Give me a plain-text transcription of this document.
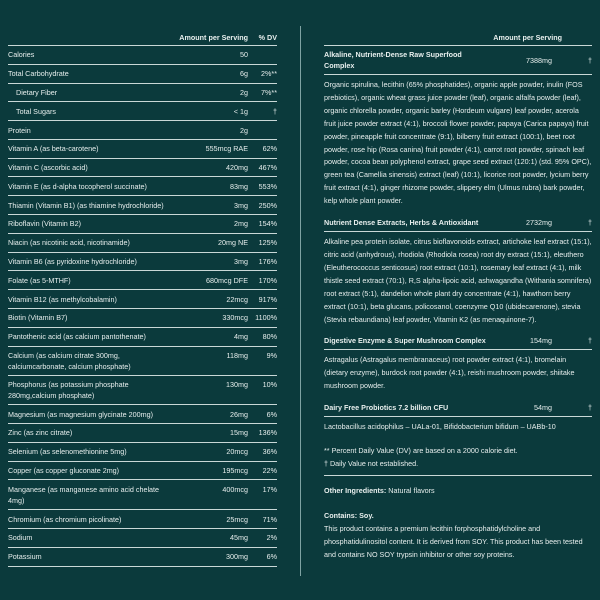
Amount per Serving	% DV
Calories	50
Total Carbohydrate	6g	2%**
Dietary Fiber	2g	7%**
Total Sugars	< 1g	†
Protein	2g
Vitamin A (as beta-carotene)	555mcg RAE	62%
Vitamin C (ascorbic acid)	420mg	467%
Vitamin E (as d-alpha tocopherol succinate)	83mg	553%
Thiamin (Vitamin B1) (as thiamine hydrochloride)	3mg	250%
Riboflavin (Vitamin B2)	2mg	154%
Niacin (as nicotinic acid, nicotinamide)	20mg NE	125%
Vitamin B6 (as pyridoxine hydrochloride)	3mg	176%
Folate (as 5-MTHF)	680mcg DFE	170%
Vitamin B12 (as methylcobalamin)	22mcg	917%
Biotin (Vitamin B7)	330mcg 1100%
Pantothenic acid (as calcium pantothenate)	4mg	80%
Calcium (as calcium citrate 300mg, calciumcarbonate, calcium phosphate)
118mg	9%
Phosphorus (as potassium phosphate 280mg,calcium phosphate)
130mg	10%
Magnesium (as magnesium glycinate 200mg)	26mg	6%
Zinc (as zinc citrate)	15mg	136%
Selenium (as selenomethionine 5mg)	20mcg	36%
Copper (as copper gluconate 2mg)	195mcg	22%
Manganese (as manganese amino acid chelate 4mg)
400mcg	17%
Chromium (as chromium picolinate)	25mcg	71%
Sodium	45mg	2%
Potassium	300mg	6%
Amount per Serving
Alkaline, Nutrient-Dense Raw Superfood Complex
7388mg	†
Organic spirulina, lecithin (65% phosphatides), organic apple powder, inulin (FOS prebiotics), organic wheat grass juice powder (leaf), organic alfalfa powder (leaf), organic chlorella powder, organic barley (Hordeum vulgare) leaf powder, acerola fruit juice powder extract (4:1), broccoli flower powder, papaya (Carica papaya) fruit powder, pineapple fruit concentrate (9:1), bilberry fruit extract (100:1), beet root powder, rose hip (Rosa canina) fruit powder (4:1), carrot root powder, spinach leaf powder, cocoa bean polyphenol extract, grape seed extract (120:1) (std. 95% OPC), green tea (Camellia sinensis) extract (leaf) (10:1), licorice root powder, lycium berry fruit extract (4:1), ginger rhizome powder, slippery elm (Ulmus rubra) bark powder, kelp whole plant powder.
Nutrient Dense Extracts, Herbs & Antioxidant	2732mg	†
Alkaline pea protein isolate, citrus bioflavonoids extract, artichoke leaf extract (15:1), citric acid (anhydrous), rhodiola (Rhodiola rosea) root dry extract (15:1), eleuthero (Eleutherococcus senticosus) root extract (10:1), rosemary leaf extract (4:1), milk thistle seed extract (70:1), R,S alpha-lipoic acid, ashwagandha (Withania somnifera) root extract (5:1), dandelion whole plant dry concentrate (4:1), hawthorn berry extract (10:1), beta glucans, policosanol, coenzyme Q10 (ubidecarenone), stevia (Stevia rebaundiana) leaf powder, Vitamin K2 (as menaquinone-7).
Digestive Enzyme & Super Mushroom Complex	154mg	†
Astragalus (Astragalus membranaceus) root powder extract (4:1), bromelain (dietary enzyme), burdock root powder (4:1), reishi mushroom powder, shiitake mushroom powder.
Dairy Free Probiotics 7.2 billion CFU	54mg	†
Lactobacillus acidophilus – UALa-01, Bifidobacterium bifidum – UABb-10
** Percent Daily Value (DV) are based on a 2000 calorie diet.
† Daily Value not established.
Other Ingredients: Natural flavors
Contains: Soy.
This product contains a premium lecithin forphosphatidylcholine and phosphatidulinositol content. It is derived from SOY. This product has been tested and contains NO SOY trypsin inhibitor or other soy proteins.
